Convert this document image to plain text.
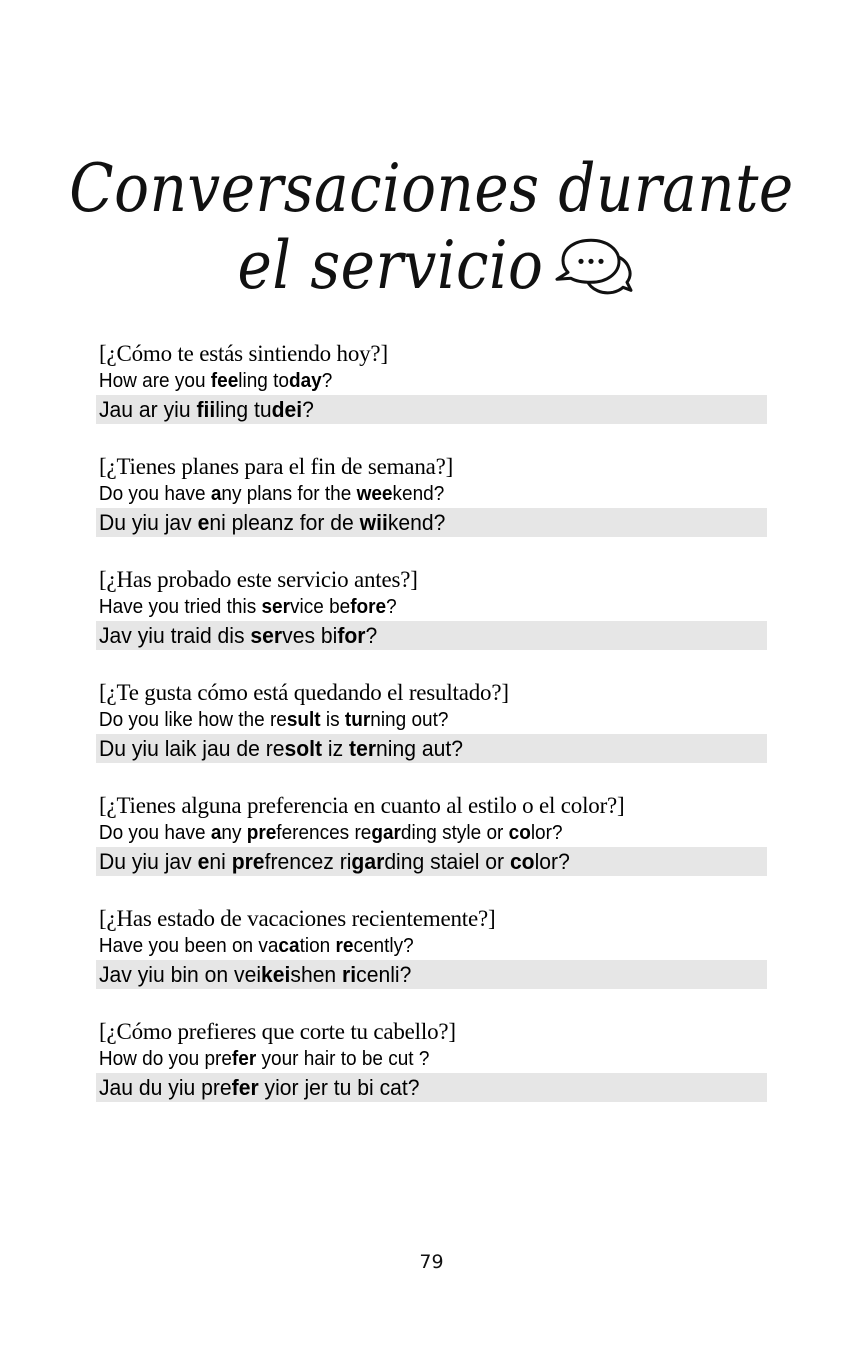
Conversaciones durante
el servicio
[¿Cómo te estás sintiendo hoy?]
How are you feeling today?
Jau ar yiu fiiling tudei?
[¿Tienes planes para el fin de semana?]
Do you have any plans for the weekend?
Du yiu jav eni pleanz for de wiikend?
[¿Has probado este servicio antes?]
Have you tried this service before?
Jav yiu traid dis serves bifor?
[¿Te gusta cómo está quedando el resultado?]
Do you like how the result is turning out?
Du yiu laik jau de resolt iz terning aut?
[¿Tienes alguna preferencia en cuanto al estilo o el color?]
Do you have any preferences regarding style or color?
Du yiu jav eni prefrencez rigarding staiel or color?
[¿Has estado de vacaciones recientemente?]
Have you been on vacation recently?
Jav yiu bin on veikeishen ricenli?
[¿Cómo prefieres que corte tu cabello?]
How do you prefer your hair to be cut ?
Jau du yiu prefer yior jer tu bi cat?
79
